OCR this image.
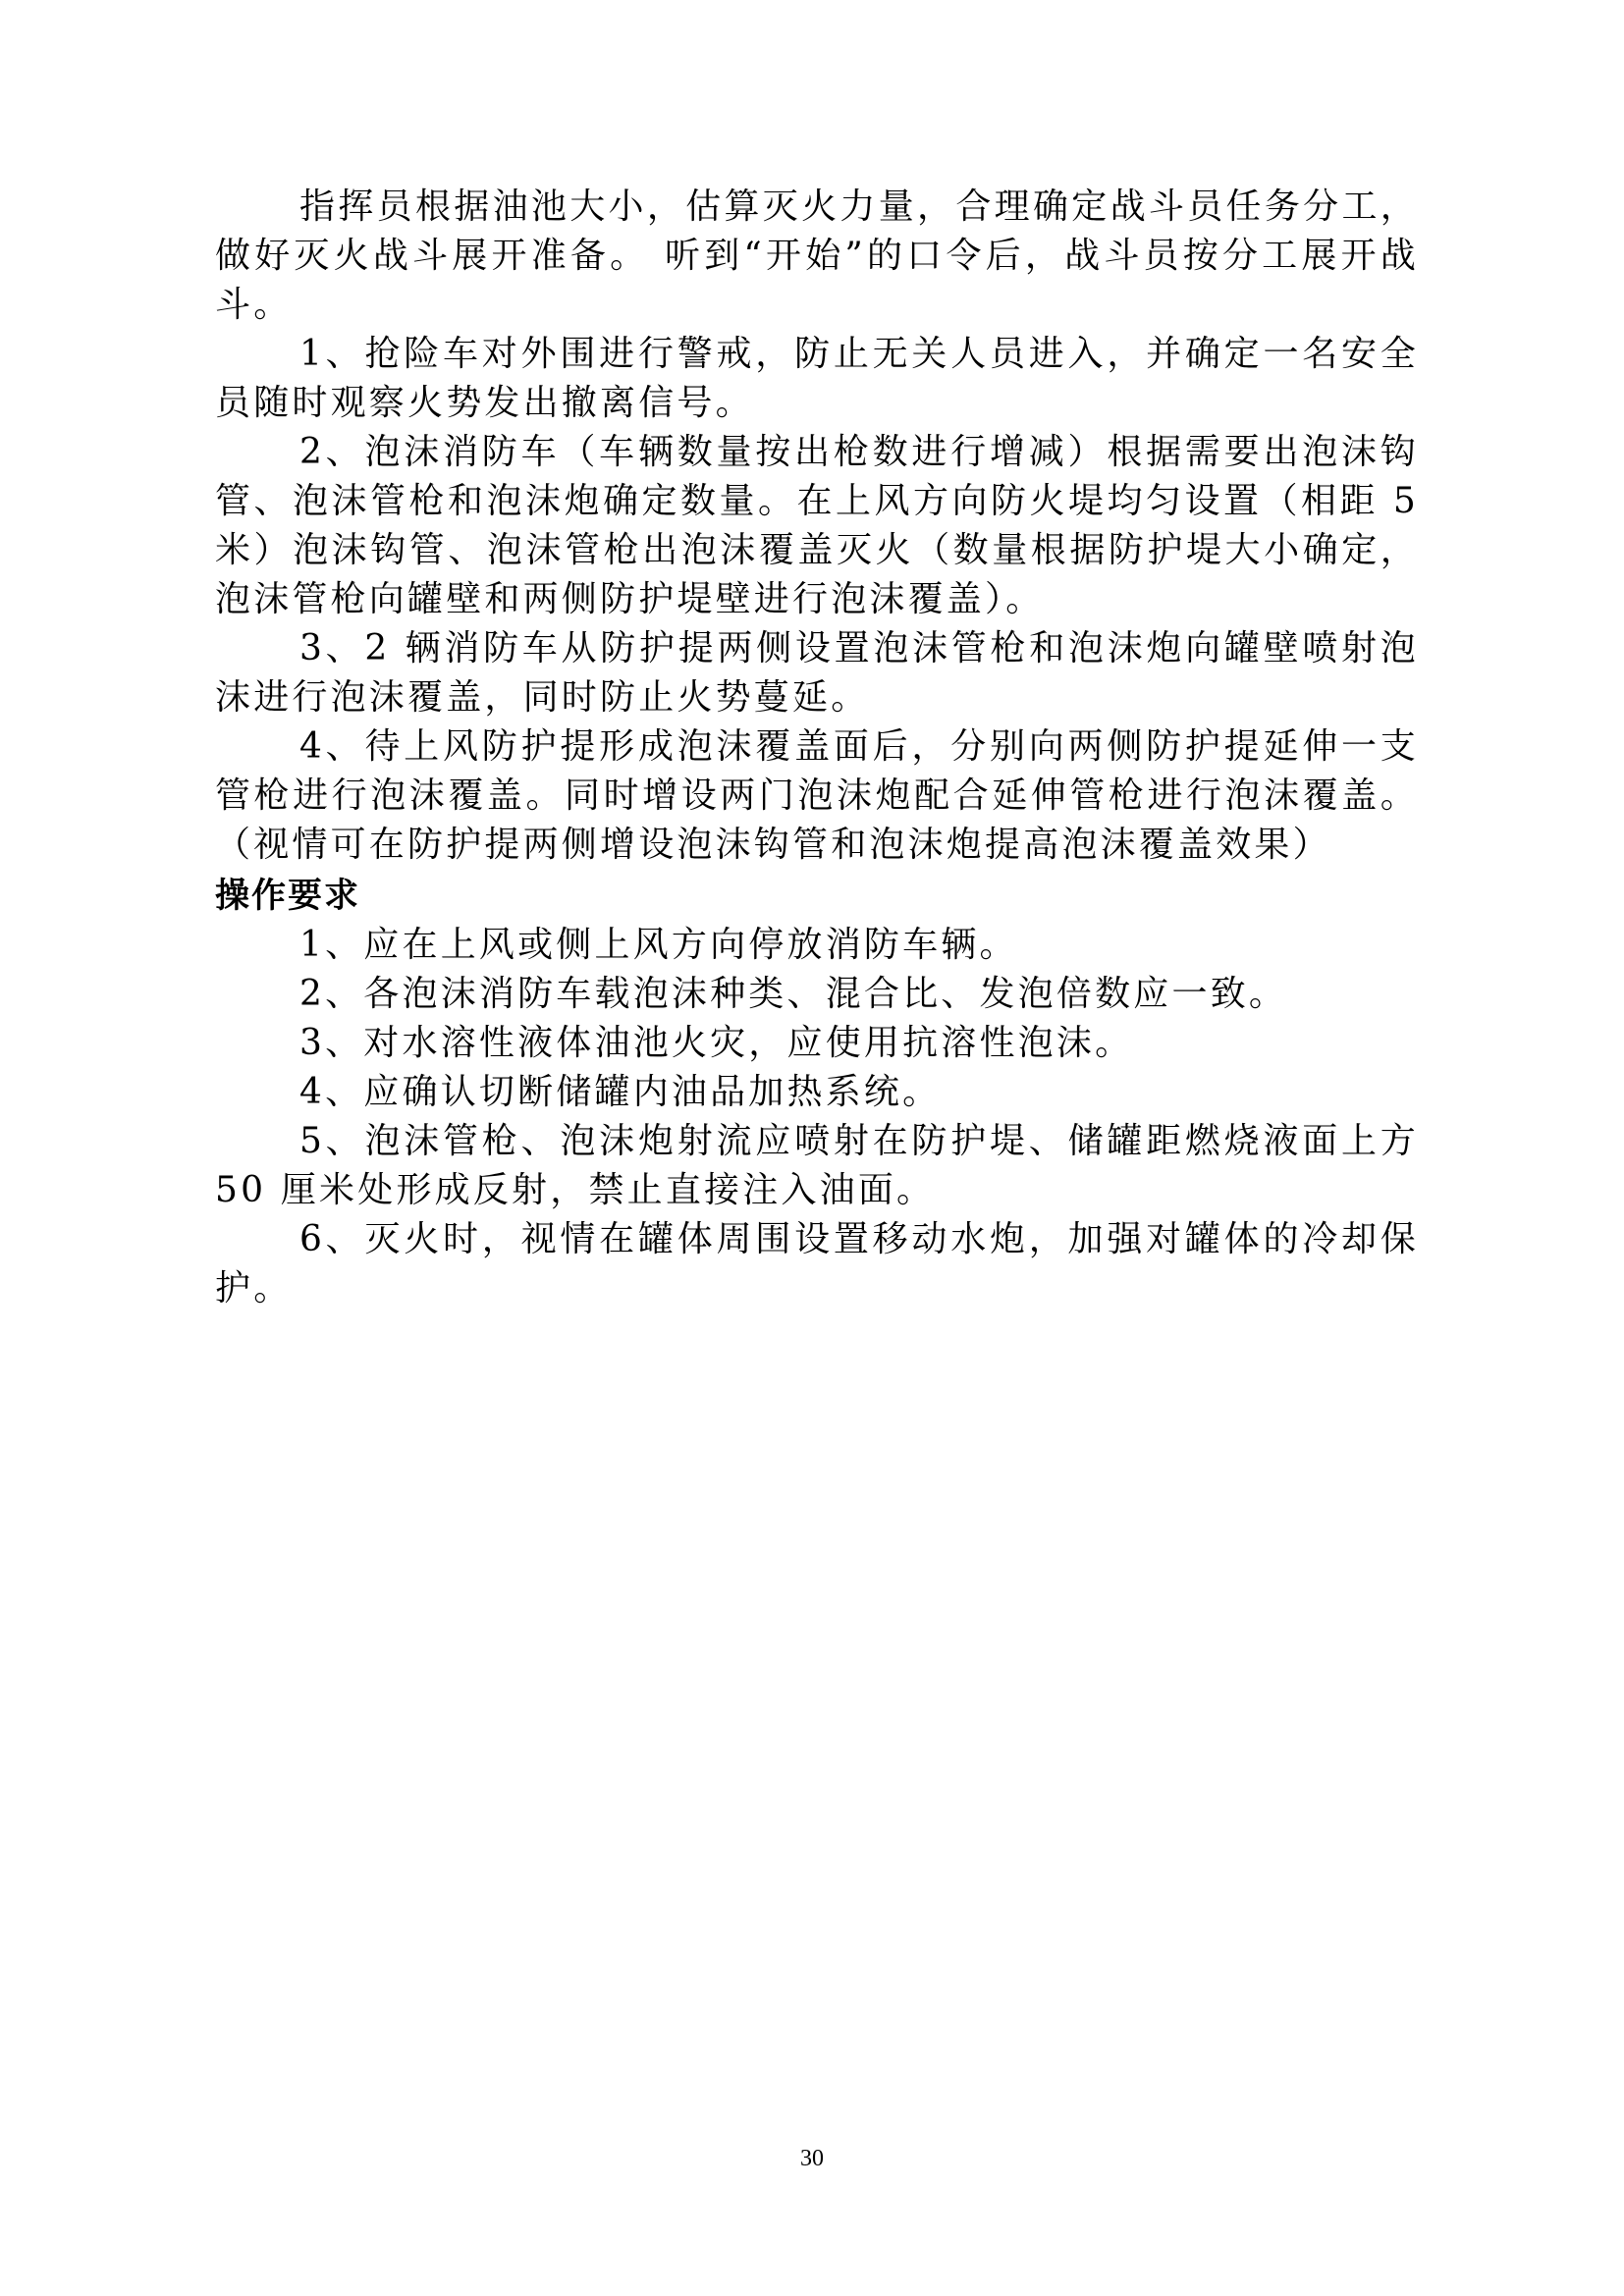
指挥员根据油池大小，估算灭火力量，合理确定战斗员任务分工，做好灭火战斗展开准备。 听到“开始”的口令后，战斗员按分工展开战斗。

1、抢险车对外围进行警戒，防止无关人员进入，并确定一名安全员随时观察火势发出撤离信号。

2、泡沫消防车（车辆数量按出枪数进行增减）根据需要出泡沫钩管、泡沫管枪和泡沫炮确定数量。在上风方向防火堤均匀设置（相距 5 米）泡沫钩管、泡沫管枪出泡沫覆盖灭火（数量根据防护堤大小确定，泡沫管枪向罐壁和两侧防护堤壁进行泡沫覆盖）。

3、2 辆消防车从防护提两侧设置泡沫管枪和泡沫炮向罐壁喷射泡沫进行泡沫覆盖，同时防止火势蔓延。

4、待上风防护提形成泡沫覆盖面后，分别向两侧防护提延伸一支管枪进行泡沫覆盖。同时增设两门泡沫炮配合延伸管枪进行泡沫覆盖。（视情可在防护提两侧增设泡沫钩管和泡沫炮提高泡沫覆盖效果）

操作要求

1、应在上风或侧上风方向停放消防车辆。

2、各泡沫消防车载泡沫种类、混合比、发泡倍数应一致。

3、对水溶性液体油池火灾，应使用抗溶性泡沫。

4、应确认切断储罐内油品加热系统。

5、泡沫管枪、泡沫炮射流应喷射在防护堤、储罐距燃烧液面上方50 厘米处形成反射，禁止直接注入油面。

6、灭火时，视情在罐体周围设置移动水炮，加强对罐体的冷却保护。

30
